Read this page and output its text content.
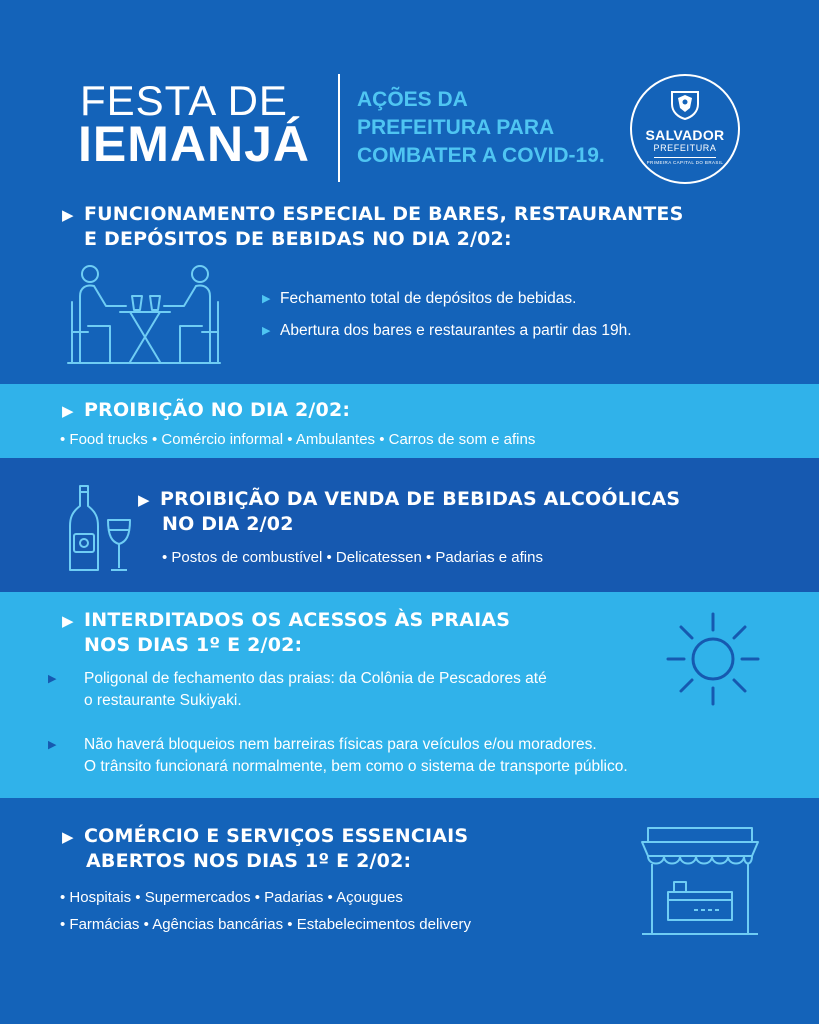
FESTA DE
IEMANJÁ
AÇÕES DA
PREFEITURA PARA
COMBATER A COVID-19.
SALVADOR
PREFEITURA
PRIMEIRA CAPITAL DO BRASIL
▶ FUNCIONAMENTO ESPECIAL DE BARES, RESTAURANTES
E DEPÓSITOS DE BEBIDAS NO DIA 2/02:
▶ Fechamento total de depósitos de bebidas.
▶ Abertura dos bares e restaurantes a partir das 19h.
▶ PROIBIÇÃO NO DIA 2/02:
• Food trucks • Comércio informal • Ambulantes • Carros de som e afins
▶ PROIBIÇÃO DA VENDA DE BEBIDAS ALCOÓLICAS
NO DIA 2/02
• Postos de combustível • Delicatessen • Padarias e afins
▶ INTERDITADOS OS ACESSOS ÀS PRAIAS
NOS DIAS 1º E 2/02:
▶ Poligonal de fechamento das praias: da Colônia de Pescadores até
o restaurante Sukiyaki.
▶ Não haverá bloqueios nem barreiras físicas para veículos e/ou moradores.
O trânsito funcionará normalmente, bem como o sistema de transporte público.
▶ COMÉRCIO E SERVIÇOS ESSENCIAIS
ABERTOS NOS DIAS 1º E 2/02:
• Hospitais • Supermercados • Padarias • Açougues
• Farmácias • Agências bancárias • Estabelecimentos delivery
